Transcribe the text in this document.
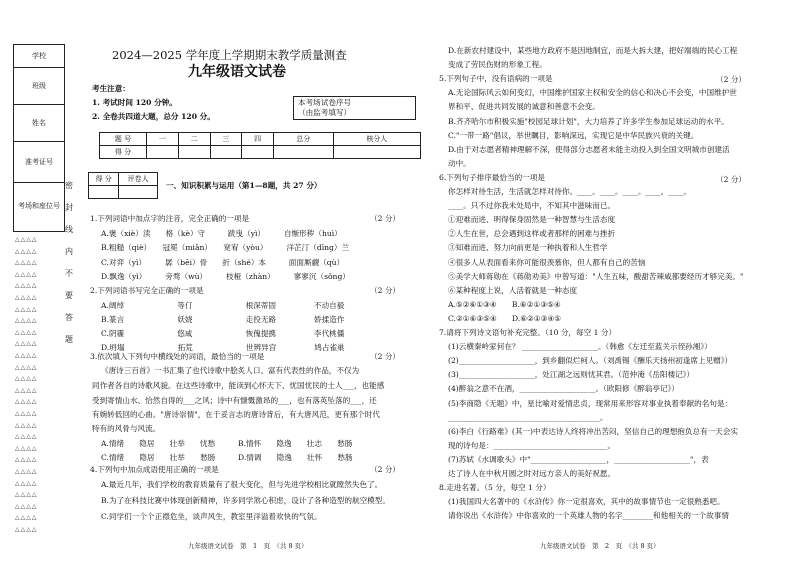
学校
班级
姓名
准考证号
考场和座位号
密

封

线

内

不

要

答

题
△△△△
△△△△
△△△△
△△△△
△△△△
△△△△
△△△△
△△△△
△△△△
△△△△
△△△△
△△△△
△△△△
△△△△
△△△△
△△△△
△△△△
△△△△
△△△△
△△△△
△△△△
△△△△
△△△△
△△△△
△△△△
△△△△
2024—2025 学年度上学期期末教学质量测查
九年级语文试卷
考生注意：
1. 考试时间 120 分钟。
2. 全卷共四道大题，总分 120 分。
本考场试卷序号
（由监考填写）
题 号	一	二	三	四	总分	核分人
得 分						
得 分	评卷人

一、知识积累与运用（第1—8题，共 27 分）
1.下列词语中加点字的注音，完全正确的一项是
A.褒（xiè）渎　　格（kè）守　　　跋曳（yì）　　　自惭形秽（huì）
B.粗糙（qiè）　　冠冕（miǎn）　　宽宥（yòu）　　　洋芷汀（dīng）兰
C.对弈（yì）　　　孱（bēi）骨　　折（shé）本　　　面面厮觑（qù）
D.飘逸（yì）　　　旁骛（wù）　　　枝桠（zhàn）　　　寥寥沉（sǒng）
2.下列词语书写完全正确的一项是
A.阔绰　　　　　　　等仃　　　　　　　根深蒂固　　　　　不动自毅
B.篆言　　　　　　　妖娆　　　　　　　走投无路　　　　　娇揉造作
C.阴霾　　　　　　　悠咸　　　　　　　恢傀提携　　　　　李代桃僵
D.坍塌　　　　　　　拓荒　　　　　　　世辨异宫　　　　　鸠占雀巢
3.依次填入下列句中横线处的词语，最恰当的一项是
《唐诗三百首》一书汇集了也代诗歌中脍炙人口、富有代表性的作品，不仅为
同作者各自的诗歌风貌。在这些诗歌中，能读到心怀天下、忧国忧民的士人___，也能感
受到寄情山水、恰然自得的___之风；诗中有慷慨激昂的___，也有落英坠落的___，还
有婉转低回的心曲。"唐诗崇情"，在于妥言志的唐诗背后，有大唐风范，更有那个时代
特有的风骨与风流。
A.情绪　　隐居　　壮举　　忧愁　　　B.情怀　　隐逸　　壮志　　愁肠
C.情绪　　隐居　　壮举　　愁肠　　　D.情调　　隐逸　　壮怀　　愁肠
4.下列句中加点成语使用正确的一项是
A.最近几年，我们学校的教育质量有了很大变化，但与先进学校相比就瞠然失色了。
B.为了在科技比赛中体现创新精神，许多同学煞心积虑，设计了各种造型的航空模型。
C.同学们一个个正襟危坐，谈声风生，教室里洋溢着欢快的气氛。
D.在新农村建设中，某些地方政府不是因地制宜，而是大拆大建，把好端端的民心工程
变成了劳民伤财的形象工程。
5.下列句子中，没有语病的一项是
A.无论国际风云如何变幻，中国维护国家主权和安全的信心和决心不会变，中国维护世
界和平、促进共同发展的诚意和善意不会变。
B.齐齐哈尔市积极实施"校园足球计划"，大力培养了许多学生参加足球运动的水平。
C."一带一路"倡议，举世瞩目，影响深远，实现它是中华民族兴衰的关键。
D.由于对志愿者精神理解不深，使得部分志愿者未能主动投入到全国文明城市创建活
动中。
6.下列句子排序最恰当的一项是
你怎样对待生活，生活就怎样对待你。____。____。____。____。____。
____。只不过你我未处局中，不知其中滋味而已。
①迎难而进、明得保身固然是一种智慧与生活态度
②人生在世，总会遇到这样或者那样的困难与挫折
③知难而进、努力向前更是一种执着和人生哲学
④很多人从表面看来你可能很羡慕你，但人都有自己的苦恼
⑤美学大师蒋勋在《蒋勋劝美》中曾写道："人生五味，酸甜苦辣咸都要经历才够完美。"
⑥某种程度上说，人活着就是一种态度
A.⑤②⑥①③④　　B.⑥②①③⑤④
C.②①⑥③⑤④　　D.⑥②①③④⑤
7.请将下列诗文语句补充完整。（10 分，每空 1 分）
(1)云横秦岭家何在？ ____________________。（韩愈《左迁至蓝关示侄孙湘》）
(2)____________________，到乡翻似烂柯人。（刘禹锡《酬乐天扬州初逢席上见赠》）
(3)____________________，处江湖之远则忧其君。（范仲淹《岳阳楼记》）
(4)醉翁之意不在酒，____________________。（欧阳修《醉翁亭记》）
(5)李商隐《无题》中，星比喻对爱情忠贞，现常用来形容对事业执着奉献的名句是：
________________________________________。
(6)李白《行路难》(其一)中表达诗人终将冲出苦闷，坚信自己的理想抱负总有一天会实
现的诗句是：______________________________。
(7)苏轼《水调歌头》中"____________________，____________________"，表
达了诗人在中秋月圆之时对远方亲人的美好祝愿。
8.走进名著。（5 分，每空 1 分）
(1)我国四大名著中的《水浒传》你一定很喜欢，其中的故事情节也一定很熟悉吧。
请你说出《水浒传》中你喜欢的一个英雄人物的名字________和他相关的一个故事情
（2 分）
（2 分）
（2 分）
（2 分）
（2 分）
（2 分）
九年级语文试卷　第　1　页　（共 8 页）	九年级语文试卷　第　2　页　（共 8 页）
